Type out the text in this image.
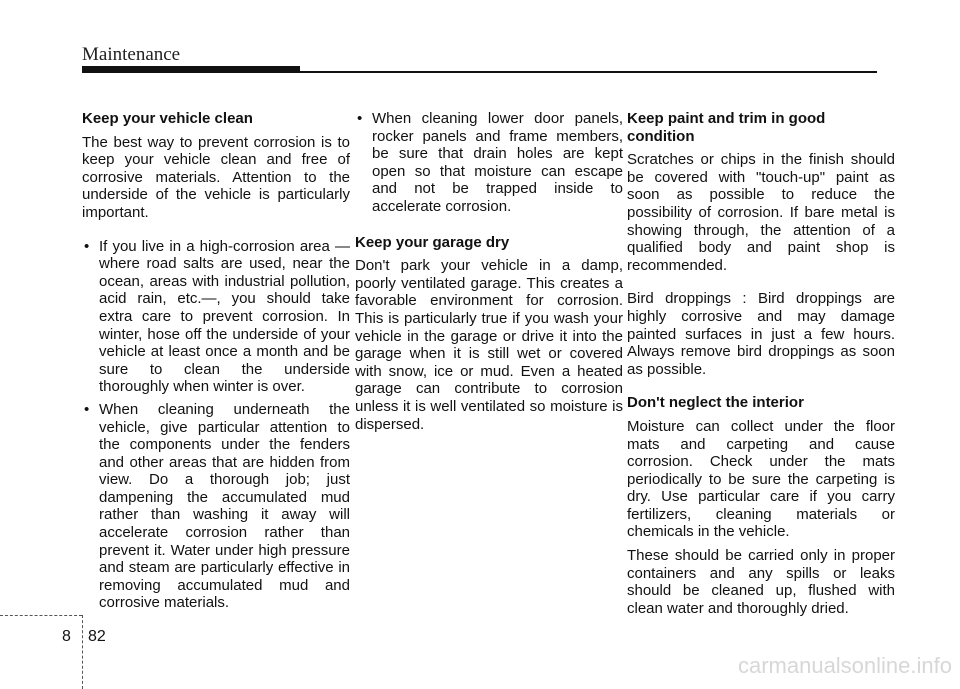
Maintenance

Keep your vehicle clean

The best way to prevent corrosion is to keep your vehicle clean and free of corrosive materials. Attention to the underside of the vehicle is particularly important.

• If you live in a high-corrosion area — where road salts are used, near the ocean, areas with industrial pollution, acid rain, etc.—, you should take extra care to prevent corrosion. In winter, hose off the underside of your vehicle at least once a month and be sure to clean the underside thoroughly when winter is over.
• When cleaning underneath the vehicle, give particular attention to the components under the fenders and other areas that are hidden from view. Do a thorough job; just dampening the accumulated mud rather than washing it away will accelerate corrosion rather than prevent it. Water under high pressure and steam are particularly effective in removing accumulated mud and corrosive materials.
• When cleaning lower door panels, rocker panels and frame members, be sure that drain holes are kept open so that moisture can escape and not be trapped inside to accelerate corrosion.

Keep your garage dry

Don't park your vehicle in a damp, poorly ventilated garage. This creates a favorable environment for corrosion. This is particularly true if you wash your vehicle in the garage or drive it into the garage when it is still wet or covered with snow, ice or mud. Even a heated garage can contribute to corrosion unless it is well ventilated so moisture is dispersed.

Keep paint and trim in good condition

Scratches or chips in the finish should be covered with "touch-up" paint as soon as possible to reduce the possibility of corrosion. If bare metal is showing through, the attention of a qualified body and paint shop is recommended.

Bird droppings : Bird droppings are highly corrosive and may damage painted surfaces in just a few hours. Always remove bird droppings as soon as possible.

Don't neglect the interior

Moisture can collect under the floor mats and carpeting and cause corrosion. Check under the mats periodically to be sure the carpeting is dry. Use particular care if you carry fertilizers, cleaning materials or chemicals in the vehicle.

These should be carried only in proper containers and any spills or leaks should be cleaned up, flushed with clean water and thoroughly dried.

8 82
carmanualsonline.info
